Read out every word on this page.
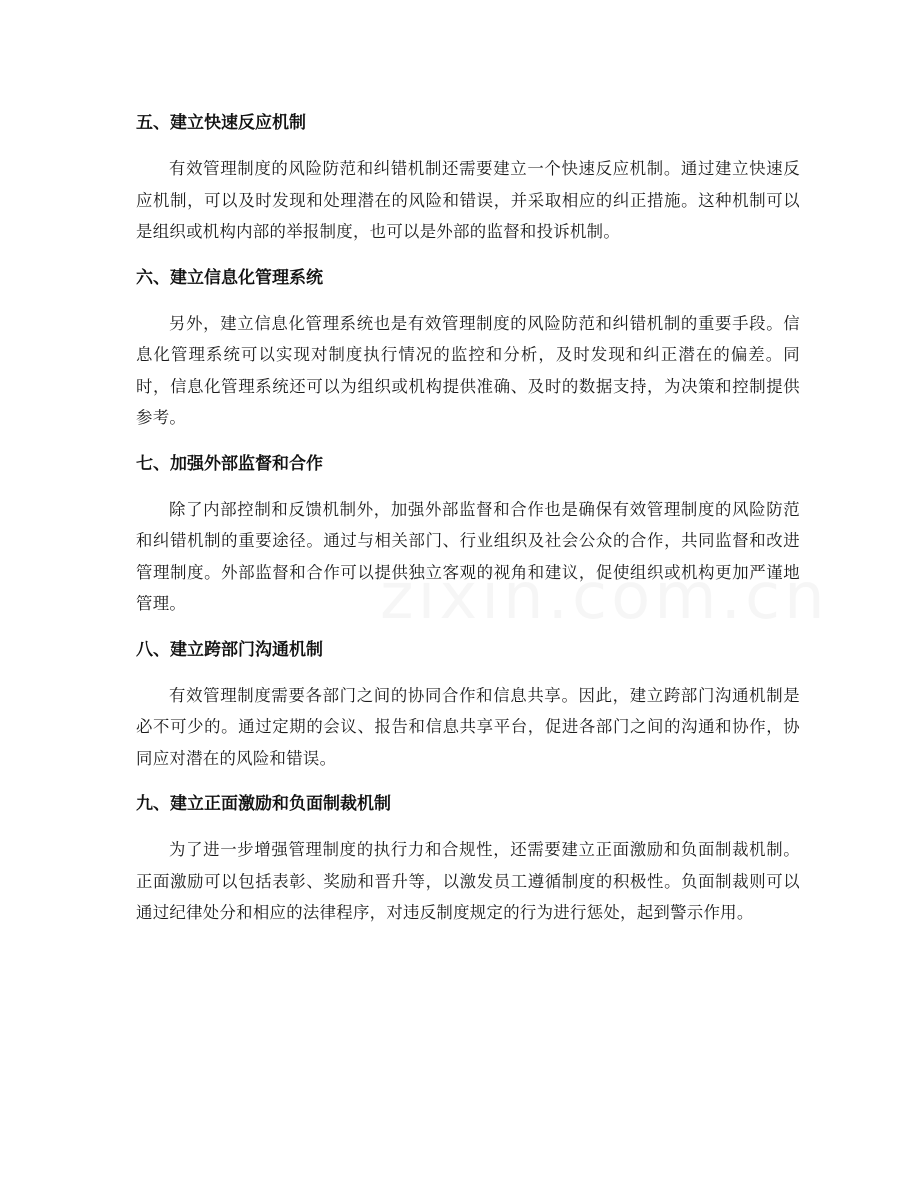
五、建立快速反应机制

有效管理制度的风险防范和纠错机制还需要建立一个快速反应机制。通过建立快速反应机制，可以及时发现和处理潜在的风险和错误，并采取相应的纠正措施。这种机制可以是组织或机构内部的举报制度，也可以是外部的监督和投诉机制。

六、建立信息化管理系统

另外，建立信息化管理系统也是有效管理制度的风险防范和纠错机制的重要手段。信息化管理系统可以实现对制度执行情况的监控和分析，及时发现和纠正潜在的偏差。同时，信息化管理系统还可以为组织或机构提供准确、及时的数据支持，为决策和控制提供参考。

七、加强外部监督和合作

除了内部控制和反馈机制外，加强外部监督和合作也是确保有效管理制度的风险防范和纠错机制的重要途径。通过与相关部门、行业组织及社会公众的合作，共同监督和改进管理制度。外部监督和合作可以提供独立客观的视角和建议，促使组织或机构更加严谨地管理。

八、建立跨部门沟通机制

有效管理制度需要各部门之间的协同合作和信息共享。因此，建立跨部门沟通机制是必不可少的。通过定期的会议、报告和信息共享平台，促进各部门之间的沟通和协作，协同应对潜在的风险和错误。

九、建立正面激励和负面制裁机制

为了进一步增强管理制度的执行力和合规性，还需要建立正面激励和负面制裁机制。正面激励可以包括表彰、奖励和晋升等，以激发员工遵循制度的积极性。负面制裁则可以通过纪律处分和相应的法律程序，对违反制度规定的行为进行惩处，起到警示作用。
